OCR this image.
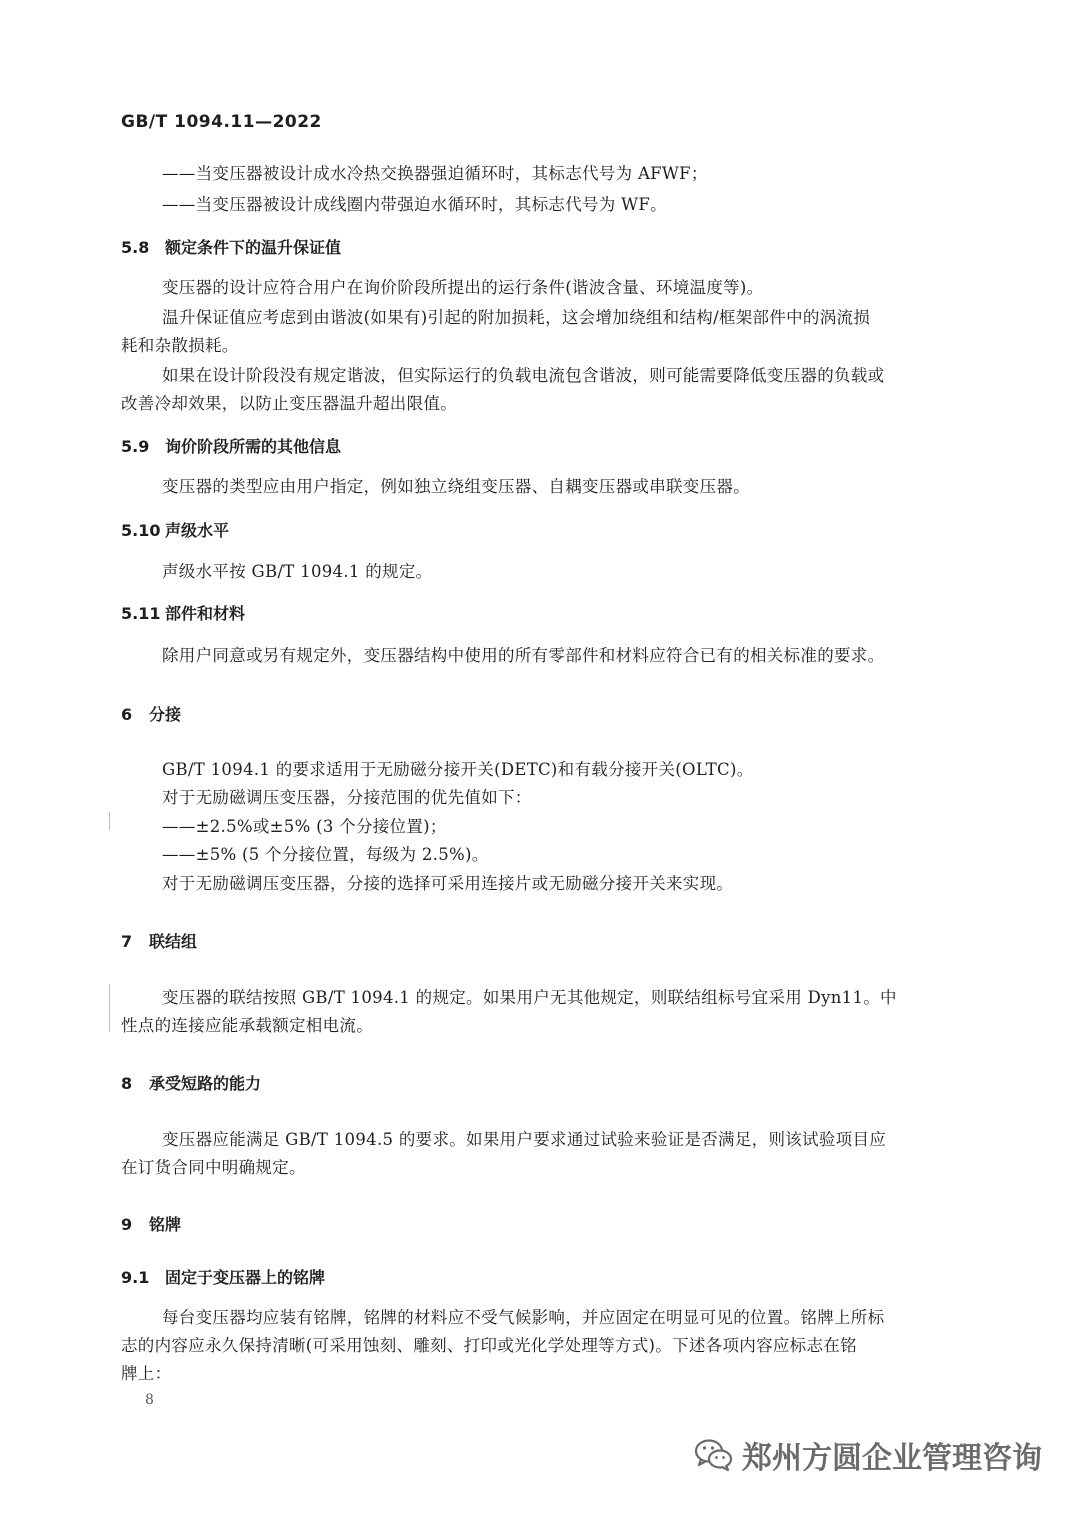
GB/T 1094.11—2022
——当变压器被设计成水冷热交换器强迫循环时，其标志代号为 AFWF；
——当变压器被设计成线圈内带强迫水循环时，其标志代号为 WF。
5.8 额定条件下的温升保证值
变压器的设计应符合用户在询价阶段所提出的运行条件(谐波含量、环境温度等)。
温升保证值应考虑到由谐波(如果有)引起的附加损耗，这会增加绕组和结构/框架部件中的涡流损
耗和杂散损耗。
如果在设计阶段没有规定谐波，但实际运行的负载电流包含谐波，则可能需要降低变压器的负载或
改善冷却效果，以防止变压器温升超出限值。
5.9 询价阶段所需的其他信息
变压器的类型应由用户指定，例如独立绕组变压器、自耦变压器或串联变压器。
5.10 声级水平
声级水平按 GB/T 1094.1 的规定。
5.11 部件和材料
除用户同意或另有规定外，变压器结构中使用的所有零部件和材料应符合已有的相关标准的要求。
6 分接
GB/T 1094.1 的要求适用于无励磁分接开关(DETC)和有载分接开关(OLTC)。
对于无励磁调压变压器，分接范围的优先值如下：
——±2.5%或±5% (3 个分接位置)；
——±5% (5 个分接位置，每级为 2.5%)。
对于无励磁调压变压器，分接的选择可采用连接片或无励磁分接开关来实现。
7 联结组
变压器的联结按照 GB/T 1094.1 的规定。如果用户无其他规定，则联结组标号宜采用 Dyn11。中
性点的连接应能承载额定相电流。
8 承受短路的能力
变压器应能满足 GB/T 1094.5 的要求。如果用户要求通过试验来验证是否满足，则该试验项目应
在订货合同中明确规定。
9 铭牌
9.1 固定于变压器上的铭牌
每台变压器均应装有铭牌，铭牌的材料应不受气候影响，并应固定在明显可见的位置。铭牌上所标
志的内容应永久保持清晰(可采用蚀刻、雕刻、打印或光化学处理等方式)。下述各项内容应标志在铭
牌上：
8
郑州方圆企业管理咨询
